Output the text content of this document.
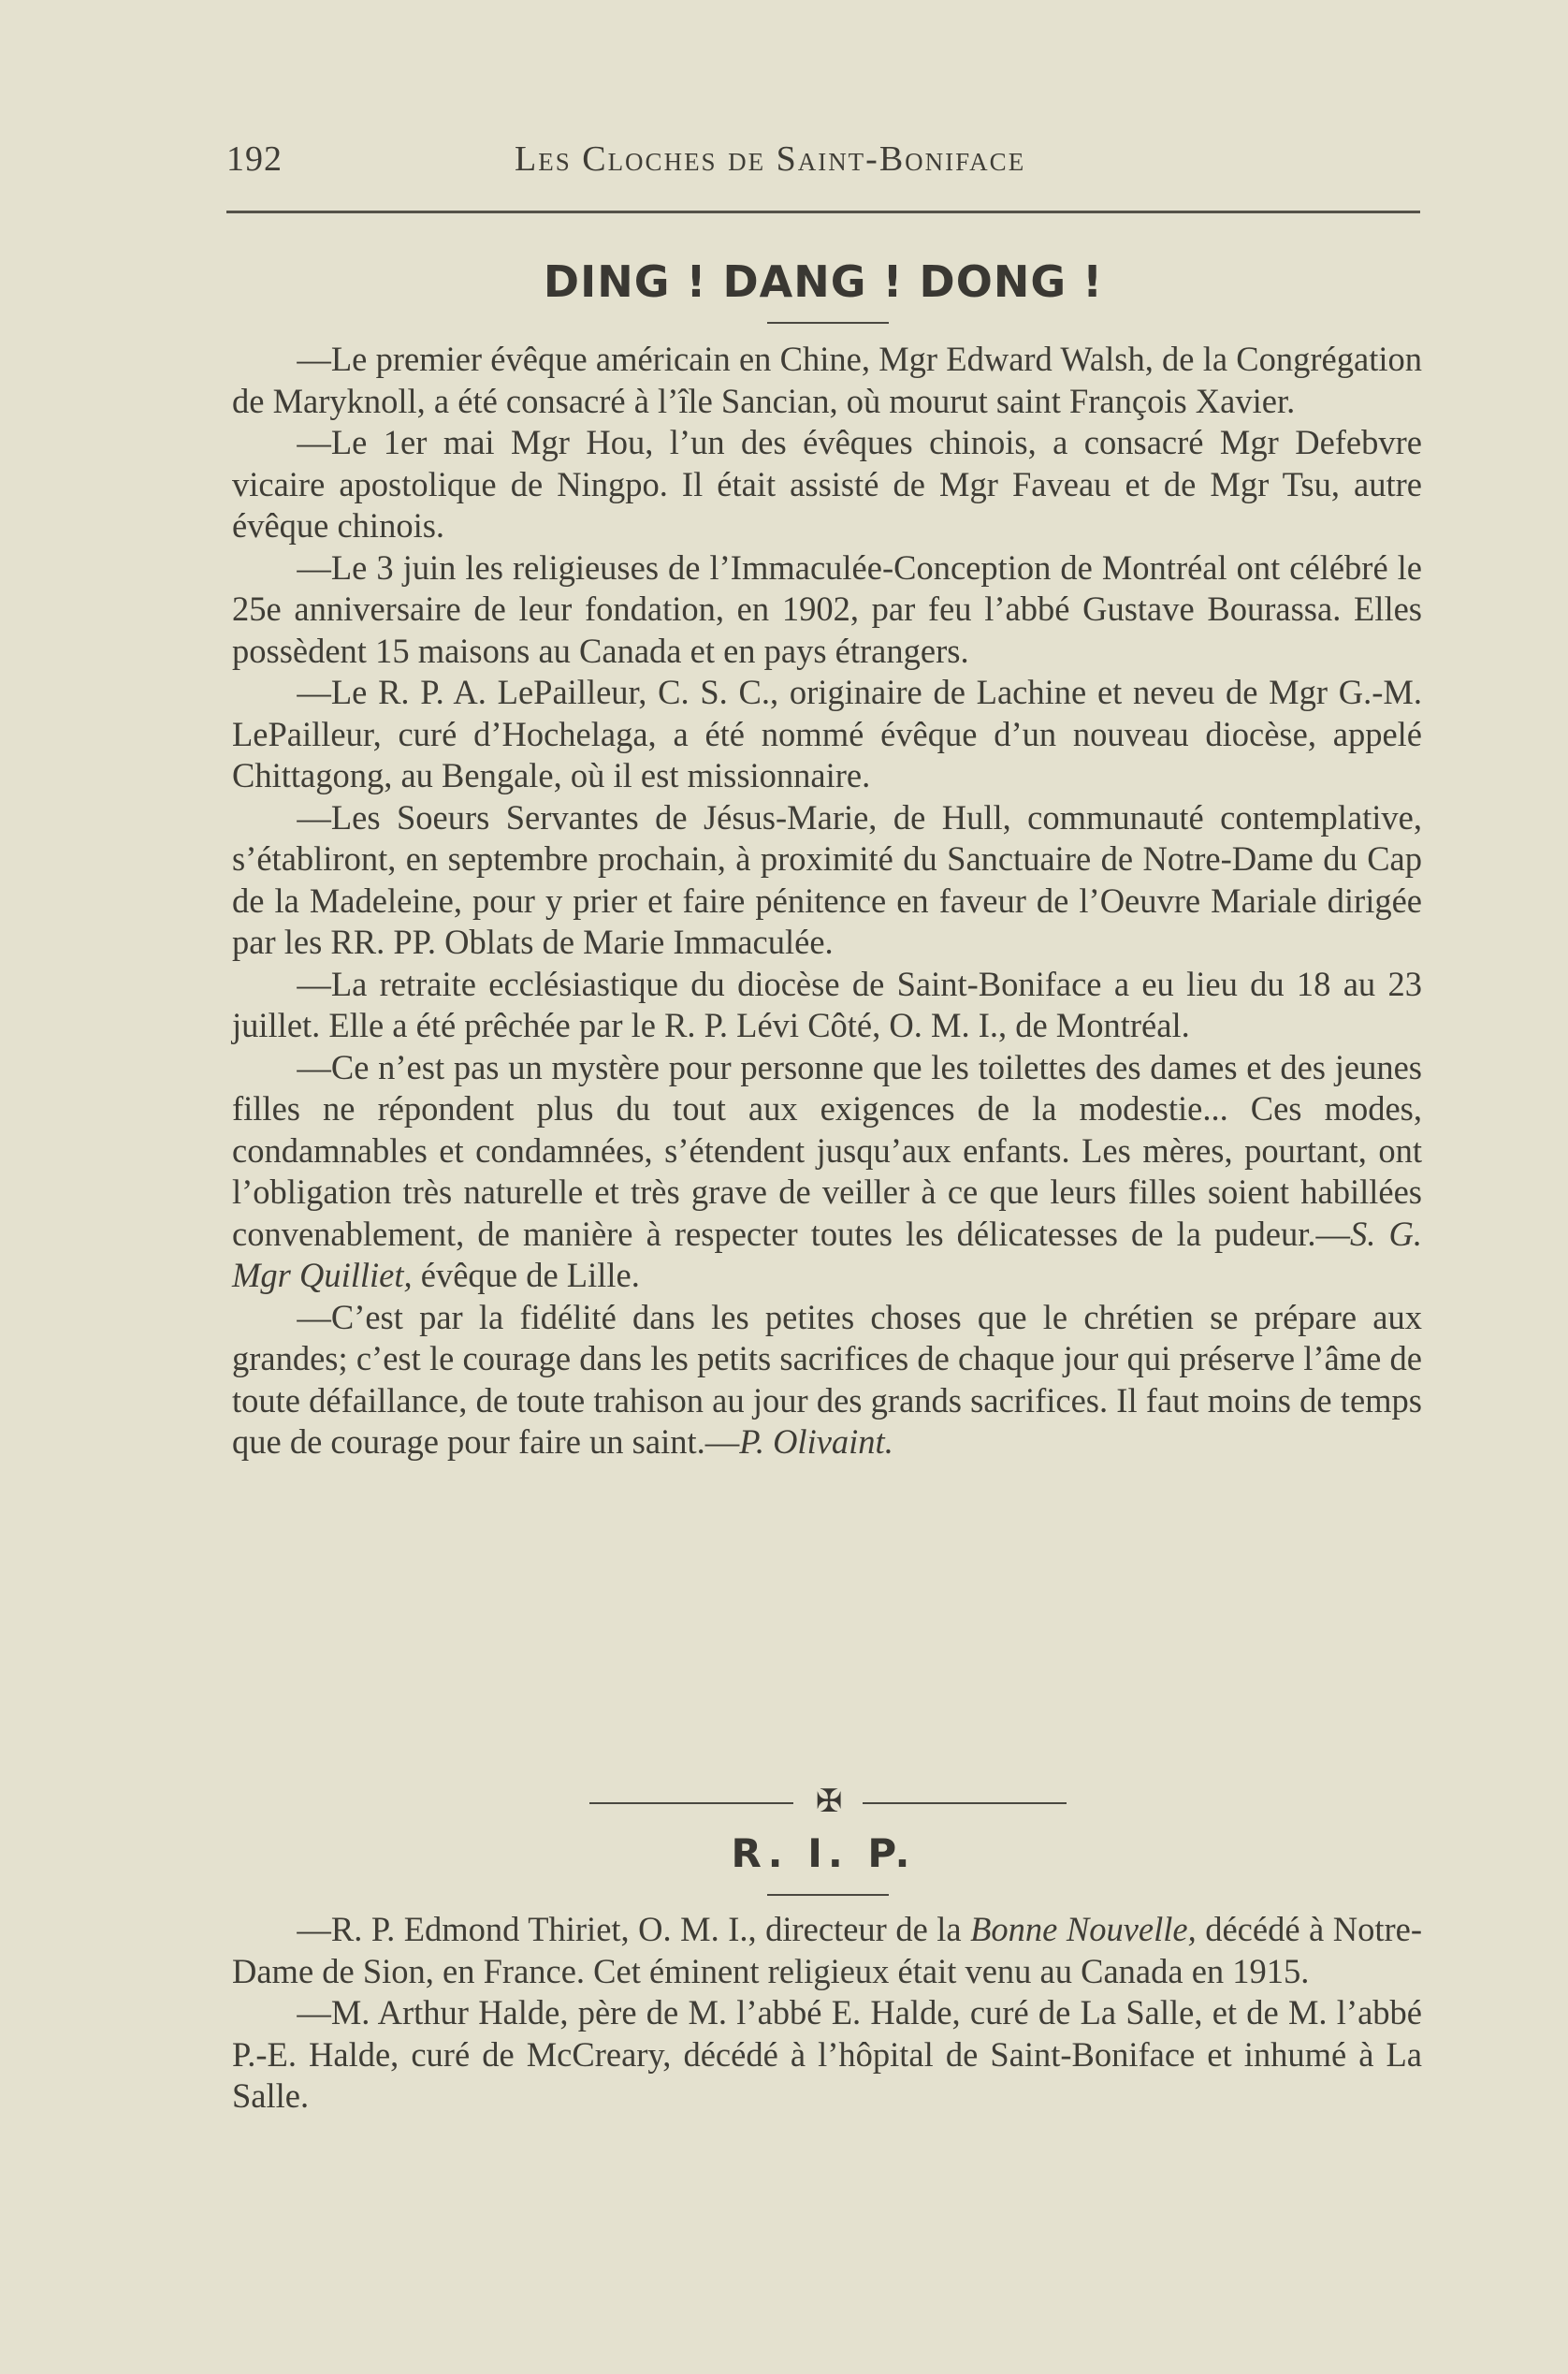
192	Les Cloches de Saint-Boniface
DING ! DANG ! DONG !

—Le premier évêque américain en Chine, Mgr Edward Walsh, de la Congrégation de Maryknoll, a été consacré à l’île Sancian, où mourut saint François Xavier.

—Le 1er mai Mgr Hou, l’un des évêques chinois, a consacré Mgr Defebvre vicaire apostolique de Ningpo. Il était assisté de Mgr Faveau et de Mgr Tsu, autre évêque chinois.

—Le 3 juin les religieuses de l’Immaculée-Conception de Montréal ont célébré le 25e anniversaire de leur fondation, en 1902, par feu l’abbé Gustave Bourassa. Elles possèdent 15 maisons au Canada et en pays étrangers.

—Le R. P. A. LePailleur, C. S. C., originaire de Lachine et neveu de Mgr G.-M. LePailleur, curé d’Hochelaga, a été nommé évêque d’un nouveau diocèse, appelé Chittagong, au Bengale, où il est missionnaire.

—Les Soeurs Servantes de Jésus-Marie, de Hull, communauté contemplative, s’établiront, en septembre prochain, à proximité du Sanctuaire de Notre-Dame du Cap de la Madeleine, pour y prier et faire pénitence en faveur de l’Oeuvre Mariale dirigée par les RR. PP. Oblats de Marie Immaculée.

—La retraite ecclésiastique du diocèse de Saint-Boniface a eu lieu du 18 au 23 juillet. Elle a été prêchée par le R. P. Lévi Côté, O. M. I., de Montréal.

—Ce n’est pas un mystère pour personne que les toilettes des dames et des jeunes filles ne répondent plus du tout aux exigences de la modestie... Ces modes, condamnables et condamnées, s’étendent jusqu’aux enfants. Les mères, pourtant, ont l’obligation très naturelle et très grave de veiller à ce que leurs filles soient habillées convenablement, de manière à respecter toutes les délicatesses de la pudeur.—S. G. Mgr Quilliet, évêque de Lille.

—C’est par la fidélité dans les petites choses que le chrétien se prépare aux grandes; c’est le courage dans les petits sacrifices de chaque jour qui préserve l’âme de toute défaillance, de toute trahison au jour des grands sacrifices. Il faut moins de temps que de courage pour faire un saint.—P. Olivaint.

✠
R. I. P.

—R. P. Edmond Thiriet, O. M. I., directeur de la Bonne Nouvelle, décédé à Notre-Dame de Sion, en France. Cet éminent religieux était venu au Canada en 1915.

—M. Arthur Halde, père de M. l’abbé E. Halde, curé de La Salle, et de M. l’abbé P.-E. Halde, curé de McCreary, décédé à l’hôpital de Saint-Boniface et inhumé à La Salle.
